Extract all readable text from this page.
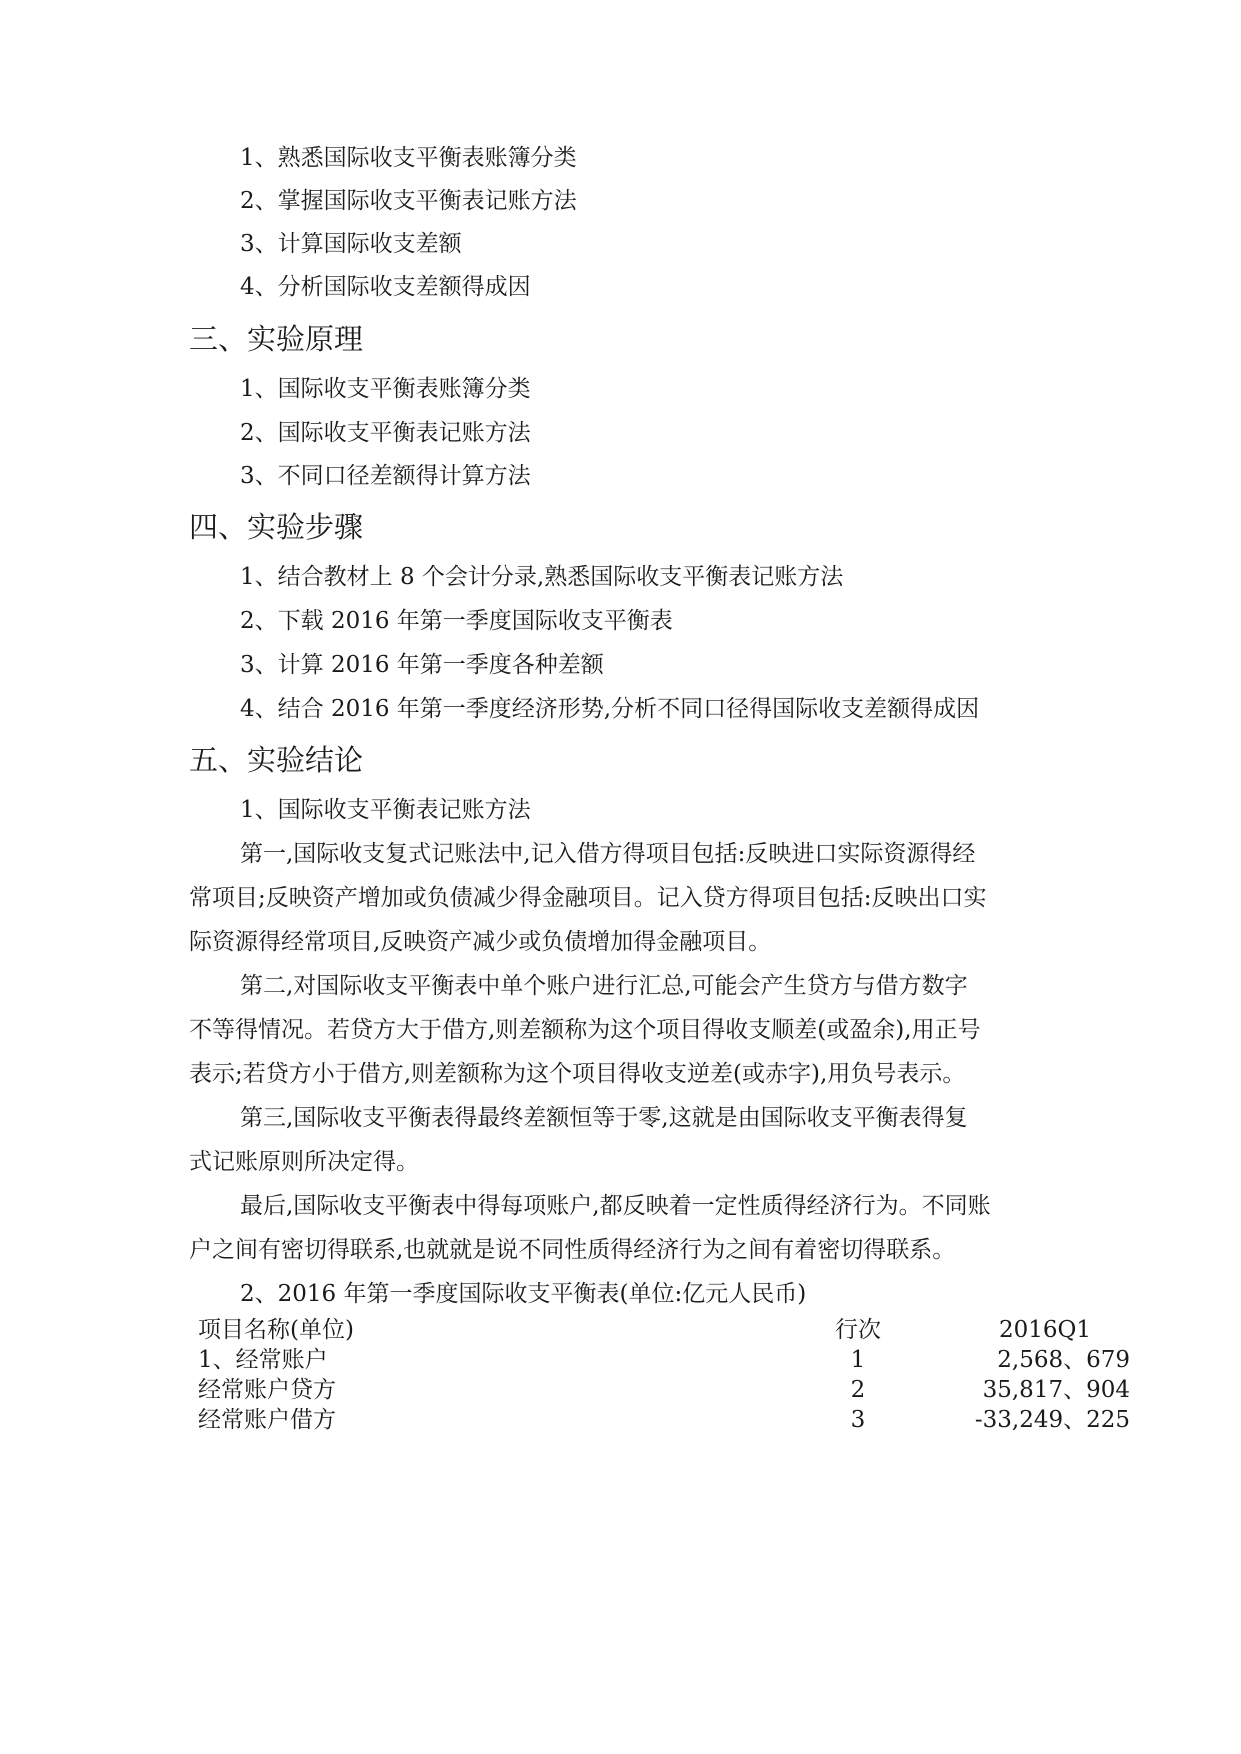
1、熟悉国际收支平衡表账簿分类
2、掌握国际收支平衡表记账方法
3、计算国际收支差额
4、分析国际收支差额得成因
三、实验原理
1、国际收支平衡表账簿分类
2、国际收支平衡表记账方法
3、不同口径差额得计算方法
四、实验步骤
1、结合教材上 8 个会计分录,熟悉国际收支平衡表记账方法
2、下载 2016 年第一季度国际收支平衡表
3、计算 2016 年第一季度各种差额
4、结合 2016 年第一季度经济形势,分析不同口径得国际收支差额得成因
五、实验结论
1、国际收支平衡表记账方法
第一,国际收支复式记账法中,记入借方得项目包括:反映进口实际资源得经
常项目;反映资产增加或负债减少得金融项目。记入贷方得项目包括:反映出口实
际资源得经常项目,反映资产减少或负债增加得金融项目。
第二,对国际收支平衡表中单个账户进行汇总,可能会产生贷方与借方数字
不等得情况。若贷方大于借方,则差额称为这个项目得收支顺差(或盈余),用正号
表示;若贷方小于借方,则差额称为这个项目得收支逆差(或赤字),用负号表示。
第三,国际收支平衡表得最终差额恒等于零,这就是由国际收支平衡表得复
式记账原则所决定得。
最后,国际收支平衡表中得每项账户,都反映着一定性质得经济行为。不同账
户之间有密切得联系,也就就是说不同性质得经济行为之间有着密切得联系。
2、2016 年第一季度国际收支平衡表(单位:亿元人民币)
项目名称(单位)	行次	2016Q1
1、经常账户	1	2,568、679
经常账户贷方	2	35,817、904
经常账户借方	3	-33,249、225
